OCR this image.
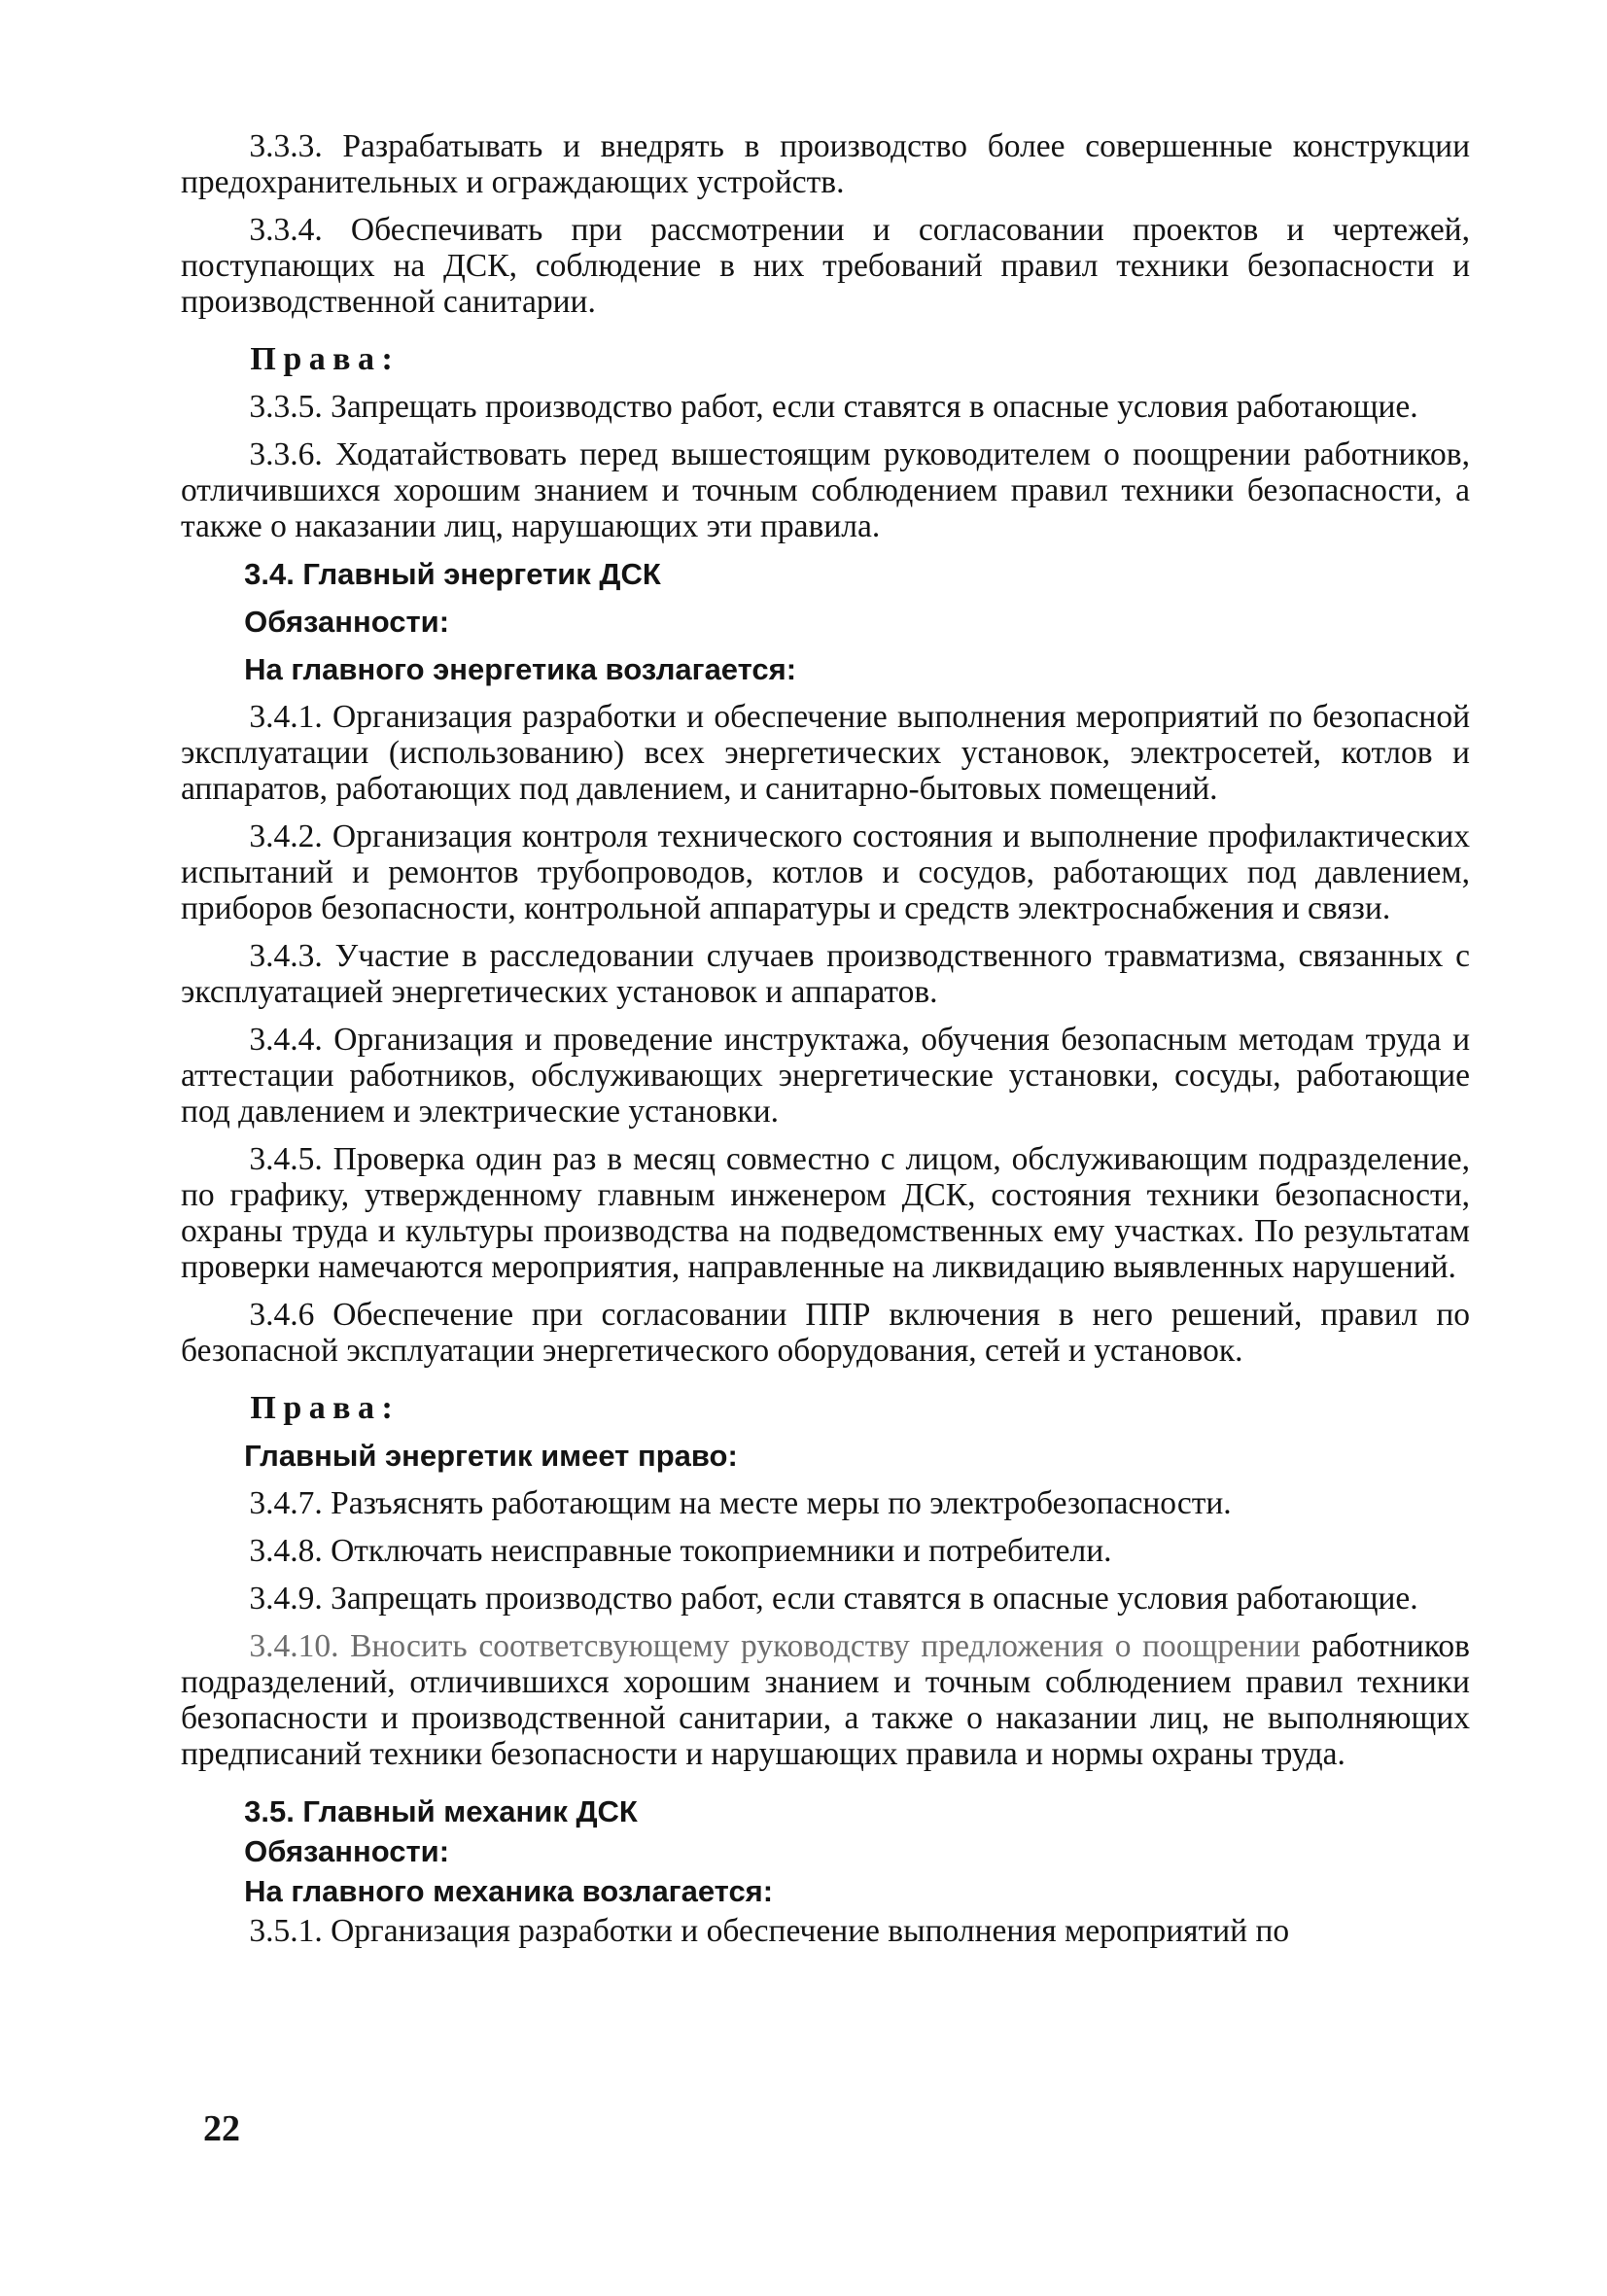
3.3.3. Разрабатывать и внедрять в производство более совершенные конструкции предохранительных и ограждающих устройств.

3.3.4. Обеспечивать при рассмотрении и согласовании проектов и чертежей, поступающих на ДСК, соблюдение в них требований правил техники безопасности и производственной санитарии.

Права:

3.3.5. Запрещать производство работ, если ставятся в опасные условия работающие.

3.3.6. Ходатайствовать перед вышестоящим руководителем о поощрении работников, отличившихся хорошим знанием и точным соблюдением правил техники безопасности, а также о наказании лиц, нарушающих эти правила.

3.4. Главный энергетик ДСК
Обязанности:
На главного энергетика возлагается:

3.4.1. Организация разработки и обеспечение выполнения мероприятий по безопасной эксплуатации (использованию) всех энергетических установок, электросетей, котлов и аппаратов, работающих под давлением, и санитарно-бытовых помещений.

3.4.2. Организация контроля технического состояния и выполнение профилактических испытаний и ремонтов трубопроводов, котлов и сосудов, работающих под давлением, приборов безопасности, контрольной аппаратуры и средств электроснабжения и связи.

3.4.3. Участие в расследовании случаев производственного травматизма, связанных с эксплуатацией энергетических установок и аппаратов.

3.4.4. Организация и проведение инструктажа, обучения безопасным методам труда и аттестации работников, обслуживающих энергетические установки, сосуды, работающие под давлением и электрические установки.

3.4.5. Проверка один раз в месяц совместно с лицом, обслуживающим подразделение, по графику, утвержденному главным инженером ДСК, состояния техники безопасности, охраны труда и культуры производства на подведомственных ему участках. По результатам проверки намечаются мероприятия, направленные на ликвидацию выявленных нарушений.

3.4.6 Обеспечение при согласовании ППР включения в него решений, правил по безопасной эксплуатации энергетического оборудования, сетей и установок.

Права:
Главный энергетик имеет право:

3.4.7. Разъяснять работающим на месте меры по электробезопасности.

3.4.8. Отключать неисправные токоприемники и потребители.

3.4.9. Запрещать производство работ, если ставятся в опасные условия работающие.

3.4.10. Вносить соответсвующему руководству предложения о поощрении работников подразделений, отличившихся хорошим знанием и точным соблюдением правил техники безопасности и производственной санитарии, а также о наказании лиц, не выполняющих предписаний техники безопасности и нарушающих правила и нормы охраны труда.

3.5. Главный механик ДСК
Обязанности:
На главного механика возлагается:

3.5.1. Организация разработки и обеспечение выполнения мероприятий по

22
